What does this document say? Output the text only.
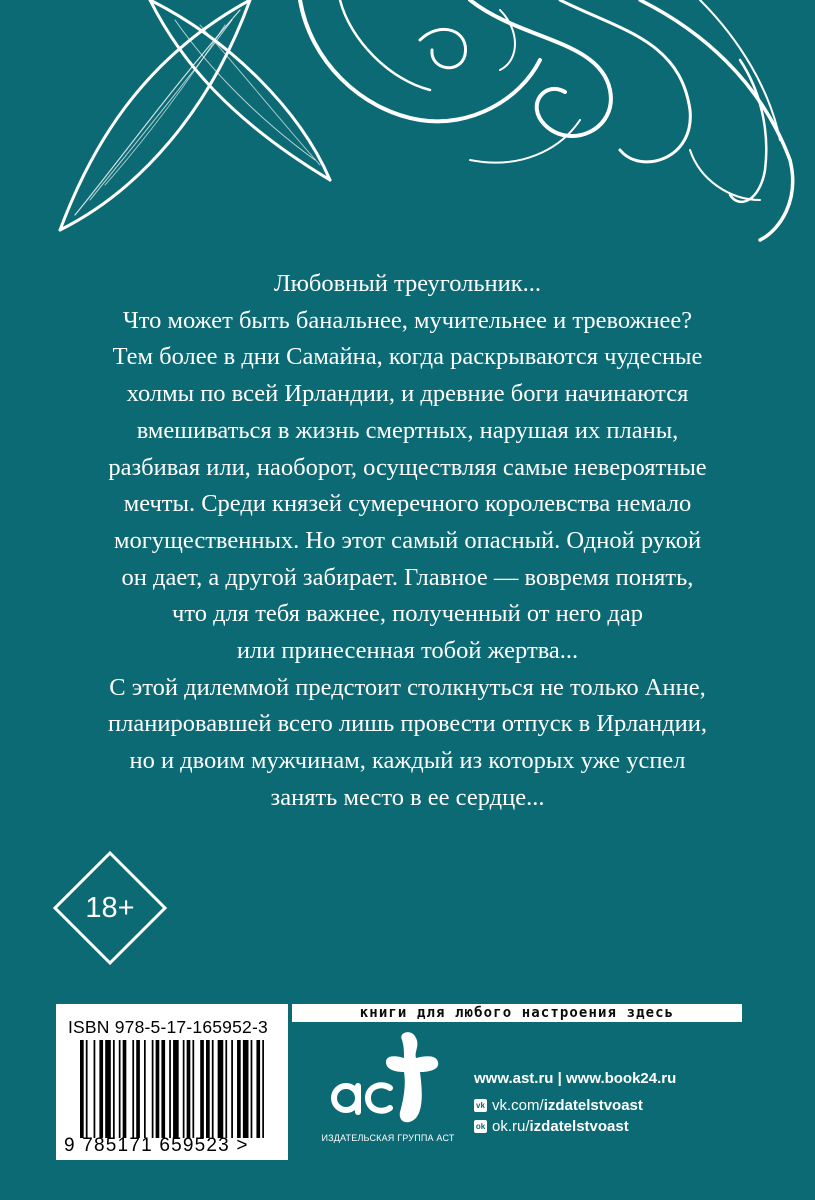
Любовный треугольник...

Что может быть банальнее, мучительнее и тревожнее?

Тем более в дни Самайна, когда раскрываются чудесные

холмы по всей Ирландии, и древние боги начинаются

вмешиваться в жизнь смертных, нарушая их планы,

разбивая или, наоборот, осуществляя самые невероятные

мечты. Среди князей сумеречного королевства немало

могущественных. Но этот самый опасный. Одной рукой

он дает, а другой забирает. Главное — вовремя понять,

что для тебя важнее, полученный от него дар

или принесенная тобой жертва...

С этой дилеммой предстоит столкнуться не только Анне,

планировавшей всего лишь провести отпуск в Ирландии,

но и двоим мужчинам, каждый из которых уже успел

занять место в ее сердце...

18+
ISBN 978-5-17-165952-3
9 785171 659523 >
книги для любого настроения здесь
ИЗДАТЕЛЬСКАЯ ГРУППА АСТ
www.ast.ru | www.book24.ru
vk vk.com/ izdatelstvoast
ok ok.ru/ izdatelstvoast
